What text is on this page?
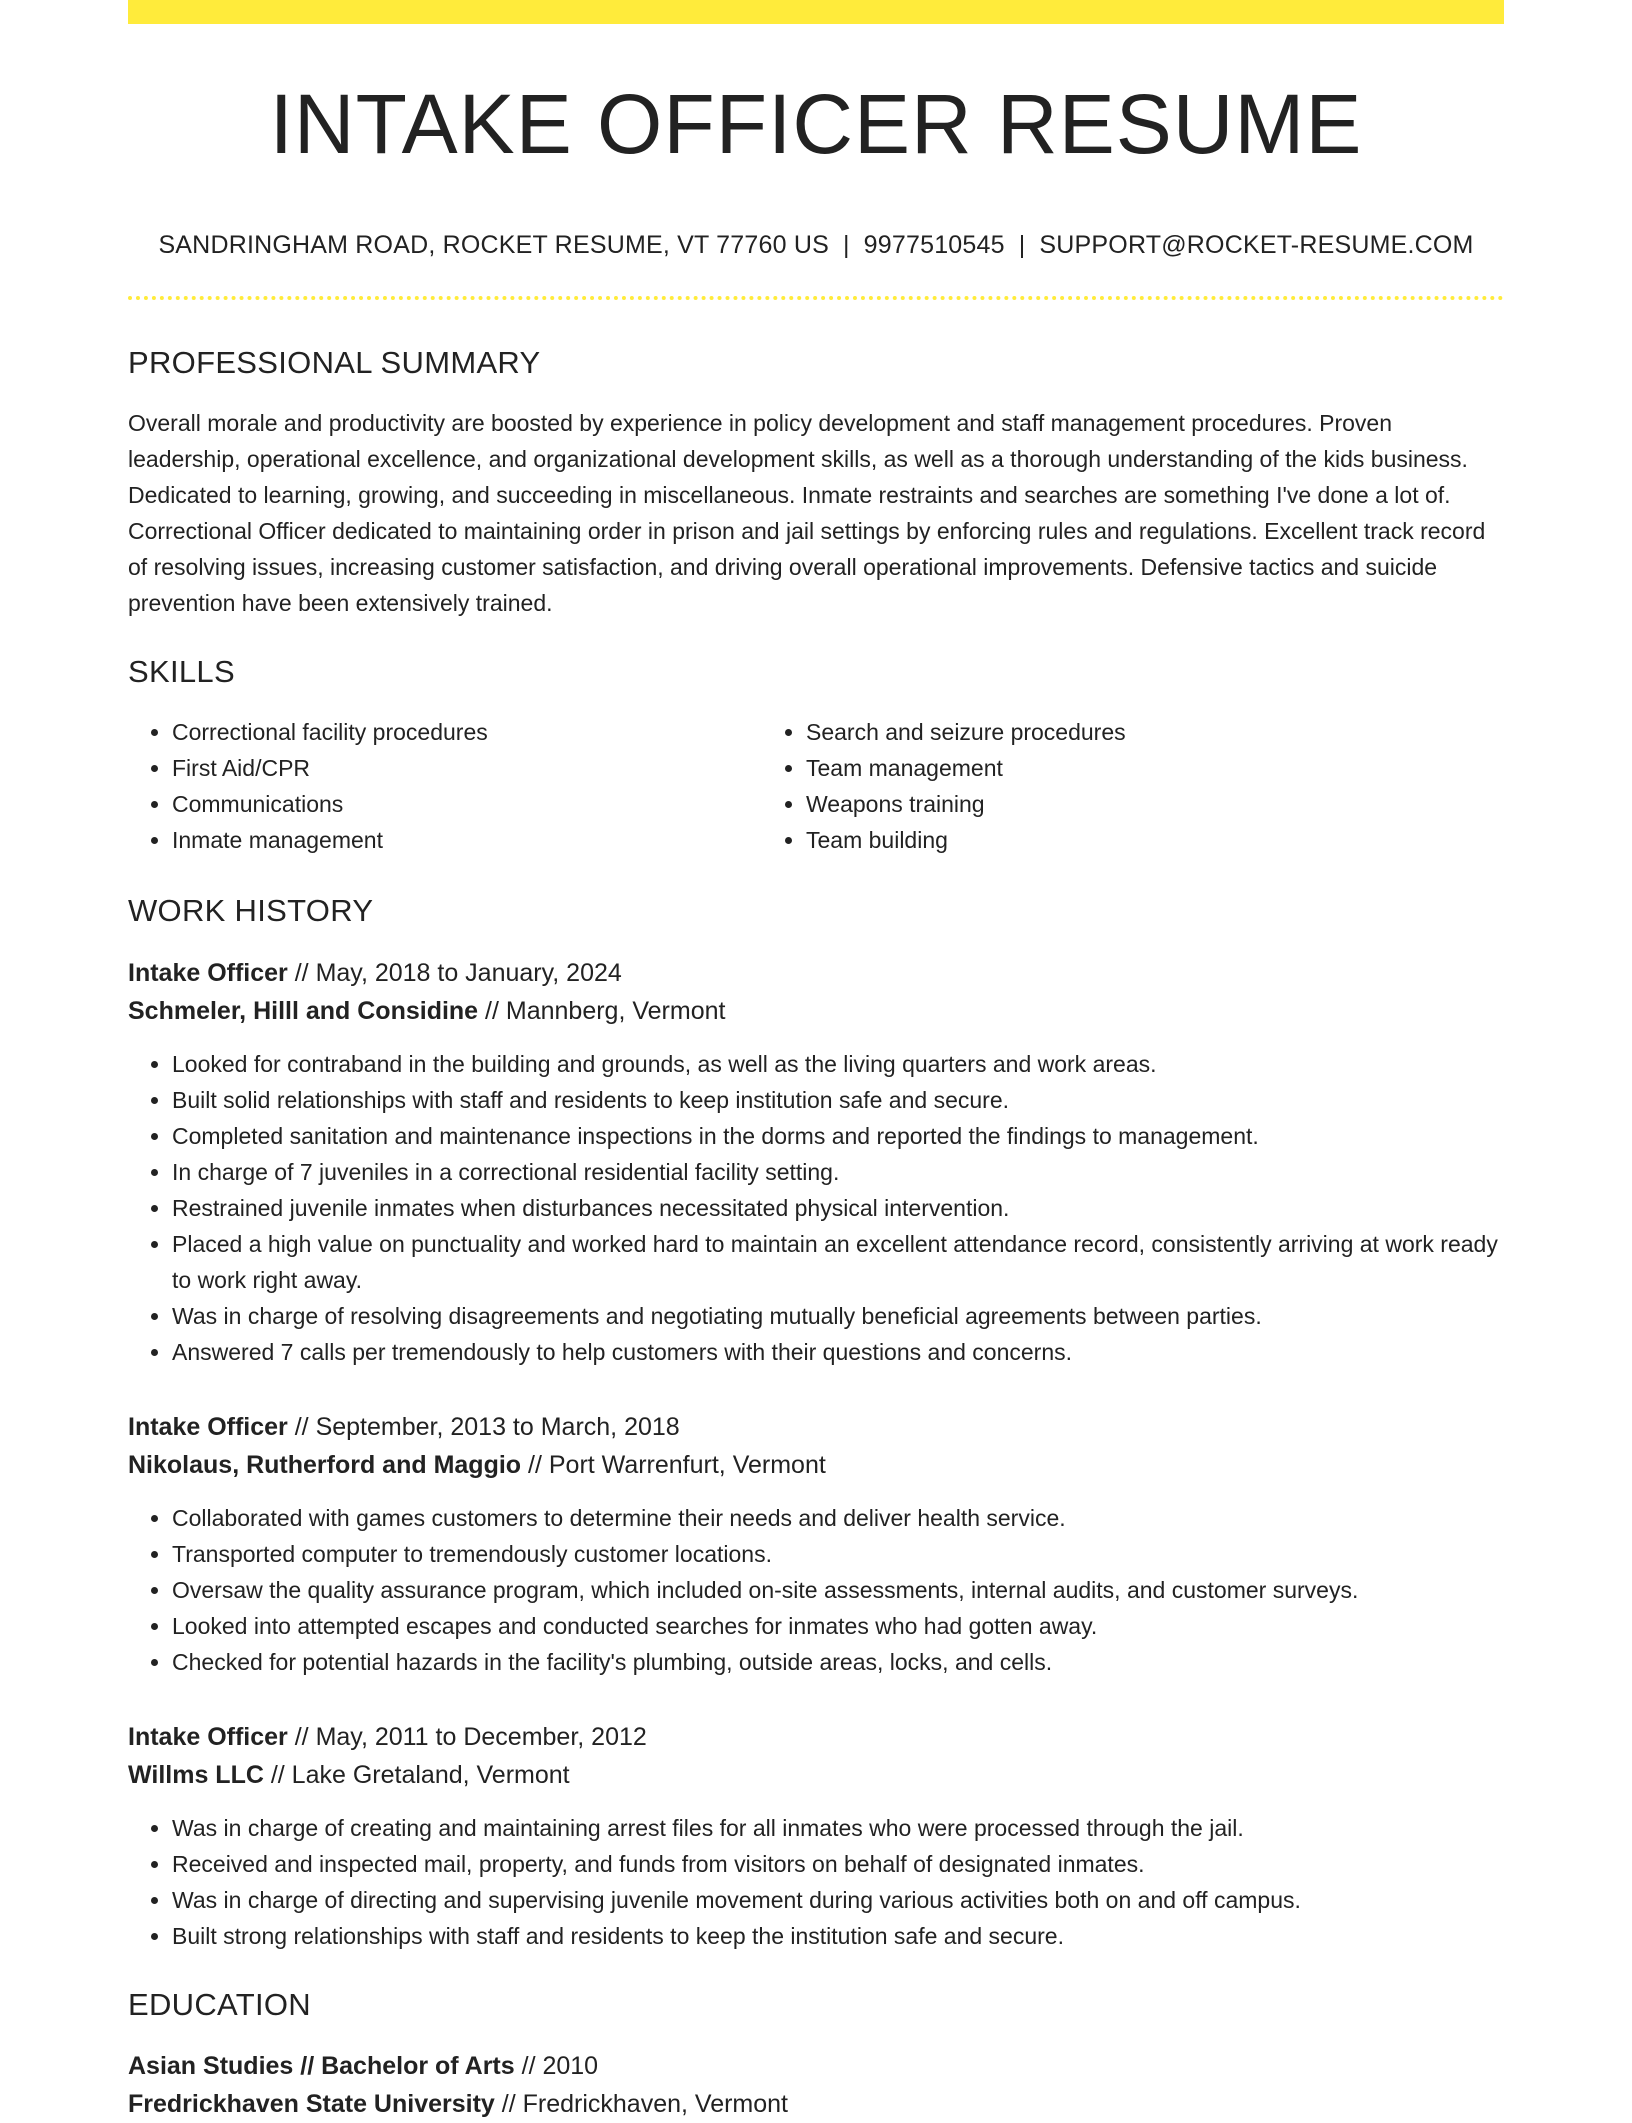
INTAKE OFFICER RESUME
SANDRINGHAM ROAD, ROCKET RESUME, VT 77760 US | 9977510545 | SUPPORT@ROCKET-RESUME.COM
PROFESSIONAL SUMMARY

Overall morale and productivity are boosted by experience in policy development and staff management procedures. Proven leadership, operational excellence, and organizational development skills, as well as a thorough understanding of the kids business. Dedicated to learning, growing, and succeeding in miscellaneous. Inmate restraints and searches are something I've done a lot of. Correctional Officer dedicated to maintaining order in prison and jail settings by enforcing rules and regulations. Excellent track record of resolving issues, increasing customer satisfaction, and driving overall operational improvements. Defensive tactics and suicide prevention have been extensively trained.

SKILLS
• Correctional facility procedures
• First Aid/CPR
• Communications
• Inmate management
• Search and seizure procedures
• Team management
• Weapons training
• Team building
WORK HISTORY

Intake Officer // May, 2018 to January, 2024

Schmeler, Hilll and Considine // Mannberg, Vermont

• Looked for contraband in the building and grounds, as well as the living quarters and work areas.
• Built solid relationships with staff and residents to keep institution safe and secure.
• Completed sanitation and maintenance inspections in the dorms and reported the findings to management.
• In charge of 7 juveniles in a correctional residential facility setting.
• Restrained juvenile inmates when disturbances necessitated physical intervention.
• Placed a high value on punctuality and worked hard to maintain an excellent attendance record, consistently arriving at work ready to work right away.
• Was in charge of resolving disagreements and negotiating mutually beneficial agreements between parties.
• Answered 7 calls per tremendously to help customers with their questions and concerns.

Intake Officer // September, 2013 to March, 2018

Nikolaus, Rutherford and Maggio // Port Warrenfurt, Vermont

• Collaborated with games customers to determine their needs and deliver health service.
• Transported computer to tremendously customer locations.
• Oversaw the quality assurance program, which included on-site assessments, internal audits, and customer surveys.
• Looked into attempted escapes and conducted searches for inmates who had gotten away.
• Checked for potential hazards in the facility's plumbing, outside areas, locks, and cells.

Intake Officer // May, 2011 to December, 2012

Willms LLC // Lake Gretaland, Vermont

• Was in charge of creating and maintaining arrest files for all inmates who were processed through the jail.
• Received and inspected mail, property, and funds from visitors on behalf of designated inmates.
• Was in charge of directing and supervising juvenile movement during various activities both on and off campus.
• Built strong relationships with staff and residents to keep the institution safe and secure.
EDUCATION

Asian Studies // Bachelor of Arts // 2010

Fredrickhaven State University // Fredrickhaven, Vermont
